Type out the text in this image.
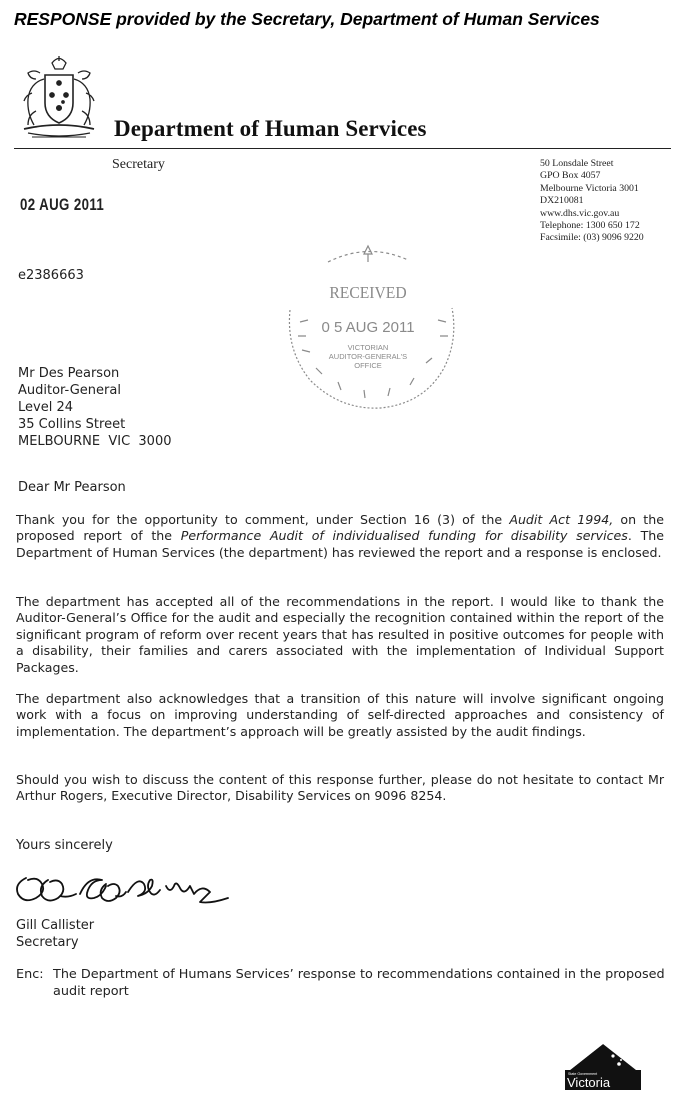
RESPONSE provided by the Secretary, Department of Human Services
Department of Human Services
Secretary	50 Lonsdale Street
GPO Box 4057
Melbourne Victoria 3001
DX210081
www.dhs.vic.gov.au
Telephone: 1300 650 172
Facsimile: (03) 9096 9220
02 AUG 2011
e2386663
RECEIVED
0 5 AUG 2011
VICTORIAN
AUDITOR-GENERAL'S
OFFICE
Mr Des Pearson
Auditor-General
Level 24
35 Collins Street
MELBOURNE  VIC  3000
Dear Mr Pearson
Thank you for the opportunity to comment, under Section 16 (3) of the Audit Act 1994, on the proposed report of the Performance Audit of individualised funding for disability services. The Department of Human Services (the department) has reviewed the report and a response is enclosed.
The department has accepted all of the recommendations in the report. I would like to thank the Auditor-General’s Office for the audit and especially the recognition contained within the report of the significant program of reform over recent years that has resulted in positive outcomes for people with a disability, their families and carers associated with the implementation of Individual Support Packages.
The department also acknowledges that a transition of this nature will involve significant ongoing work with a focus on improving understanding of self-directed approaches and consistency of implementation. The department’s approach will be greatly assisted by the audit findings.
Should you wish to discuss the content of this response further, please do not hesitate to contact Mr Arthur Rogers, Executive Director, Disability Services on 9096 8254.
Yours sincerely
Gill Callister
Secretary
Enc: The Department of Humans Services’ response to recommendations contained in the proposed audit report
State Government
Victoria
